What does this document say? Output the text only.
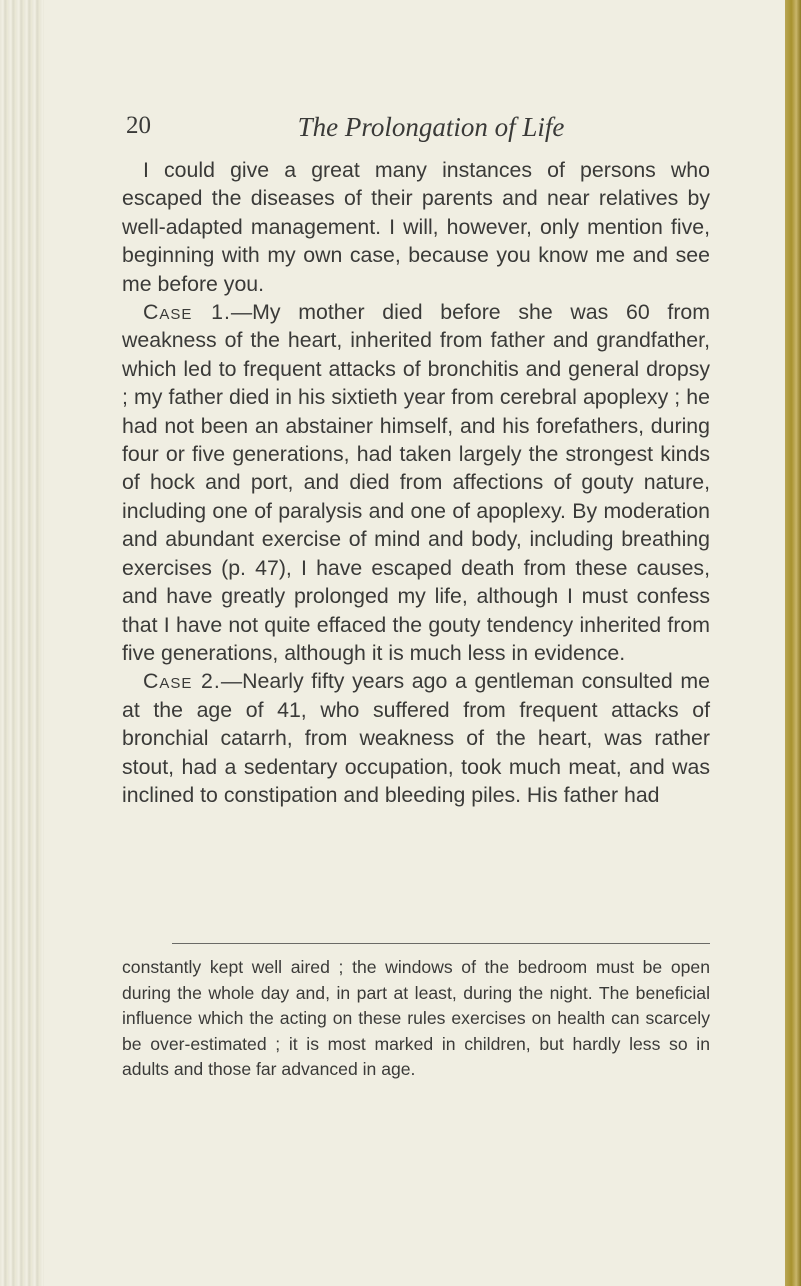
20	The Prolongation of Life

I could give a great many instances of persons who escaped the diseases of their parents and near relatives by well-adapted management. I will, however, only mention five, beginning with my own case, because you know me and see me before you.

Case 1.—My mother died before she was 60 from weakness of the heart, inherited from father and grandfather, which led to frequent attacks of bronchitis and general dropsy ; my father died in his sixtieth year from cerebral apoplexy ; he had not been an abstainer himself, and his forefathers, during four or five generations, had taken largely the strongest kinds of hock and port, and died from affections of gouty nature, including one of paralysis and one of apoplexy. By moderation and abundant exercise of mind and body, including breathing exercises (p. 47), I have escaped death from these causes, and have greatly prolonged my life, although I must confess that I have not quite effaced the gouty tendency inherited from five generations, although it is much less in evidence.

Case 2.—Nearly fifty years ago a gentleman consulted me at the age of 41, who suffered from frequent attacks of bronchial catarrh, from weakness of the heart, was rather stout, had a sedentary occupation, took much meat, and was inclined to constipation and bleeding piles. His father had

constantly kept well aired ; the windows of the bedroom must be open during the whole day and, in part at least, during the night. The beneficial influence which the acting on these rules exercises on health can scarcely be over-estimated ; it is most marked in children, but hardly less so in adults and those far advanced in age.
